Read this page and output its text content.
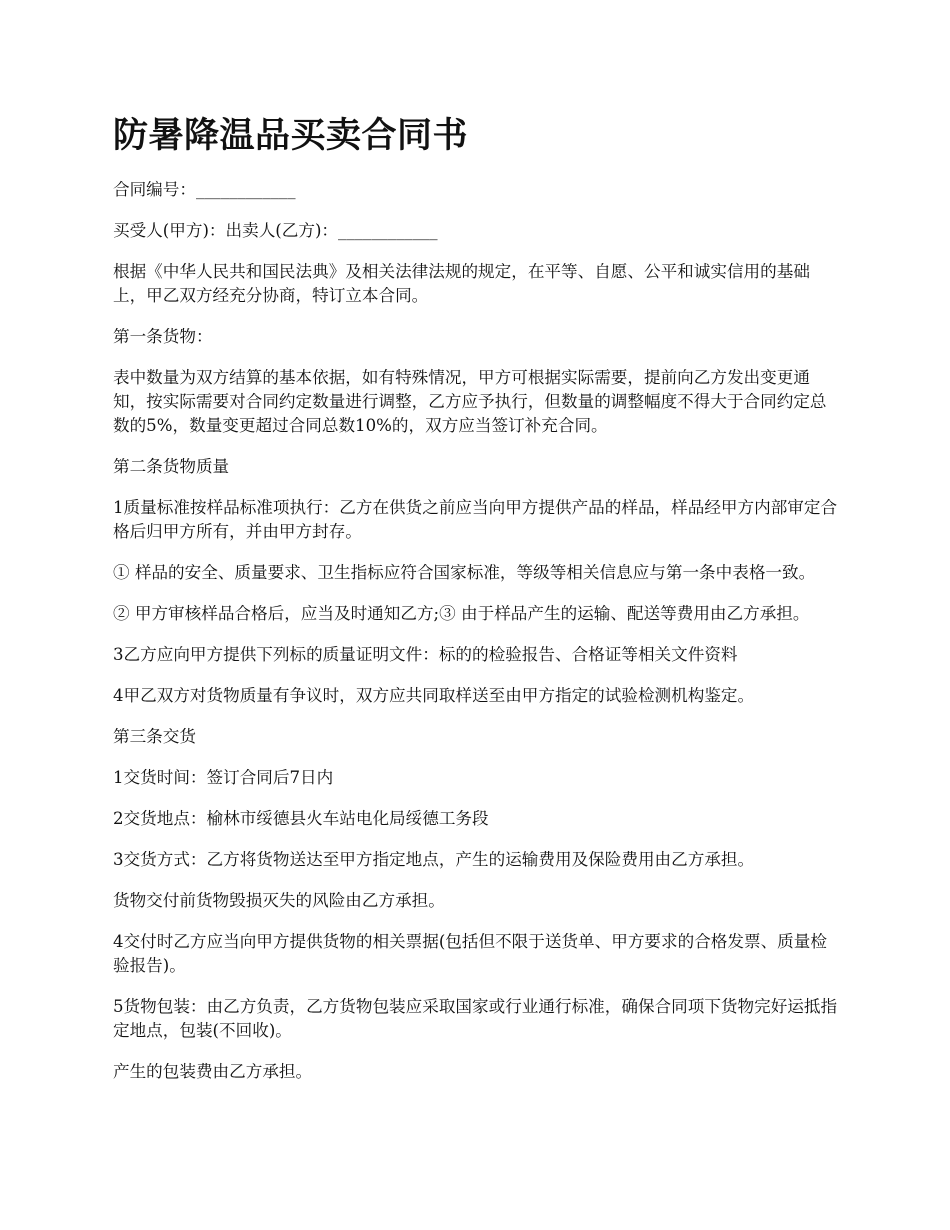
防暑降温品买卖合同书

合同编号：____________

买受人(甲方)：出卖人(乙方)：____________

根据《中华人民共和国民法典》及相关法律法规的规定，在平等、自愿、公平和诚实信用的基础上，甲乙双方经充分协商，特订立本合同。

第一条货物：

表中数量为双方结算的基本依据，如有特殊情况，甲方可根据实际需要，提前向乙方发出变更通知，按实际需要对合同约定数量进行调整，乙方应予执行，但数量的调整幅度不得大于合同约定总数的5%，数量变更超过合同总数10%的，双方应当签订补充合同。

第二条货物质量

1质量标准按样品标准项执行：乙方在供货之前应当向甲方提供产品的样品，样品经甲方内部审定合格后归甲方所有，并由甲方封存。

① 样品的安全、质量要求、卫生指标应符合国家标准，等级等相关信息应与第一条中表格一致。

② 甲方审核样品合格后，应当及时通知乙方;③ 由于样品产生的运输、配送等费用由乙方承担。

3乙方应向甲方提供下列标的质量证明文件：标的的检验报告、合格证等相关文件资料

4甲乙双方对货物质量有争议时，双方应共同取样送至由甲方指定的试验检测机构鉴定。

第三条交货

1交货时间：签订合同后7日内

2交货地点：榆林市绥德县火车站电化局绥德工务段

3交货方式：乙方将货物送达至甲方指定地点，产生的运输费用及保险费用由乙方承担。

货物交付前货物毁损灭失的风险由乙方承担。

4交付时乙方应当向甲方提供货物的相关票据(包括但不限于送货单、甲方要求的合格发票、质量检验报告)。

5货物包装：由乙方负责，乙方货物包装应采取国家或行业通行标准，确保合同项下货物完好运抵指定地点，包装(不回收)。

产生的包装费由乙方承担。
